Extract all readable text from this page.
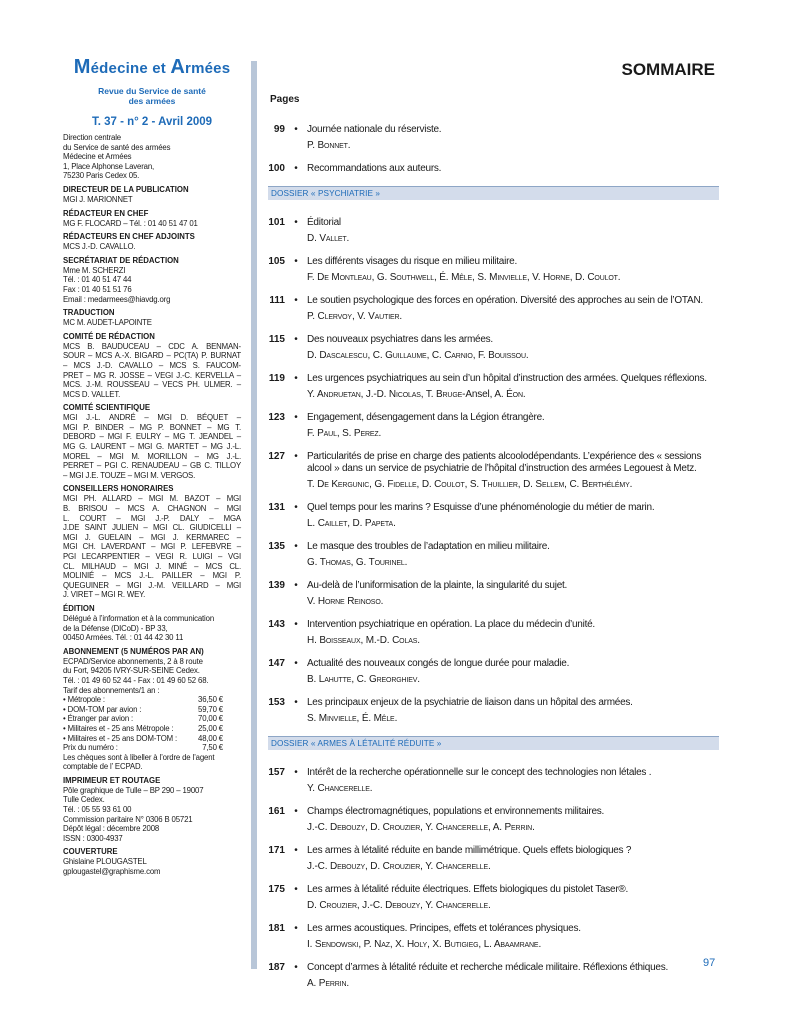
Médecine et Armées
Revue du Service de santé
des armées
T. 37 - n° 2 - Avril 2009
Direction centrale
du Service de santé des armées
Médecine et Armées
1, Place Alphonse Laveran,
75230 Paris Cedex 05.
DIRECTEUR DE LA PUBLICATION
MGI J. MARIONNET
RÉDACTEUR EN CHEF
MG F. FLOCARD – Tél. : 01 40 51 47 01
RÉDACTEURS EN CHEF ADJOINTS
MCS J.-D. CAVALLO.
SECRÉTARIAT DE RÉDACTION
Mme M. SCHERZI
Tél. : 01 40 51 47 44
Fax : 01 40 51 51 76
Email : medarmees@hiavdg.org
TRADUCTION
MC M. AUDET-LAPOINTE
COMITÉ DE RÉDACTION
MCS B. BAUDUCEAU – CDC A. BENMAN-
SOUR – MCS A.-X. BIGARD – PC(TA) P. BURNAT
– MCS J.-D. CAVALLO – MCS S. FAUCOM-
PRET – MG R. JOSSE – VEGI J.-C. KERVELLA –
MCS. J.-M. ROUSSEAU – VECS PH. ULMER. –
MCS D. VALLET.
COMITÉ SCIENTIFIQUE
MGI J.-L. ANDRÉ – MGI D. BÉQUET –
MGI P. BINDER – MG P. BONNET – MG T.
DEBORD – MGI F. EULRY – MG T. JEANDEL –
MG G. LAURENT – MGI G. MARTET – MG J.-L.
MOREL – MGI M. MORILLON – MG J.-L.
PERRET – PGI C. RENAUDEAU – GB C. TILLOY
– MGI J.E. TOUZE – MGI M. VERGOS.
CONSEILLERS HONORAIRES
MGI PH. ALLARD – MGI M. BAZOT – MGI
B. BRISOU – MCS A. CHAGNON – MGI
L. COURT – MGI J.-P. DALY – MGA
J.DE SAINT JULIEN – MGI CL. GIUDICELLI –
MGI J. GUELAIN – MGI J. KERMAREC –
MGI CH. LAVERDANT – MGI P. LEFEBVRE –
PGI LECARPENTIER – VEGI R. LUIGI – VGI
CL. MILHAUD – MGI J. MINÉ – MCS CL.
MOLINIÉ – MCS J.-L. PAILLER – MGI P.
QUEGUINER – MGI J.-M. VEILLARD – MGI
J. VIRET – MGI R. WEY.
ÉDITION
Délégué à l’information et à la communication
de la Défense (DICoD) - BP 33,
00450 Armées. Tél. : 01 44 42 30 11
ABONNEMENT (5 NUMÉROS PAR AN)
ECPAD/Service abonnements, 2 à 8 route
du Fort, 94205 IVRY-SUR-SEINE Cedex.
Tél. : 01 49 60 52 44 - Fax : 01 49 60 52 68.
Tarif des abonnements/1 an :
• Métropole :	36,50 €
• DOM-TOM par avion :	59,70 €
• Étranger par avion :	70,00 €
• Militaires et - 25 ans Métropole :	25,00 €
• Militaires et - 25 ans DOM-TOM :	48,00 €
Prix du numéro :	7,50 €
Les chèques sont à libeller à l’ordre de l’agent
comptable de l’ ECPAD.
IMPRIMEUR ET ROUTAGE
Pôle graphique de Tulle – BP 290 – 19007
Tulle Cedex.
Tél. : 05 55 93 61 00
Commission paritaire N° 0306 B 05721
Dépôt légal : décembre 2008
ISSN : 0300-4937
COUVERTURE
Ghislaine PLOUGASTEL
gplougastel@graphisme.com
SOMMAIRE
Pages
99 • Journée nationale du réserviste.
P. Bonnet.
100 • Recommandations aux auteurs.
DOSSIER « PSYCHIATRIE »
101 • Éditorial
D. Vallet.
105 • Les différents visages du risque en milieu militaire.
F. De Montleau, G. Southwell, É. Mêle, S. Minvielle, V. Horne, D. Coulot.
111 • Le soutien psychologique des forces en opération. Diversité des approches au sein de l’OTAN.
P. Clervoy, V. Vautier.
115 • Des nouveaux psychiatres dans les armées.
D. Dascalescu, C. Guillaume, C. Carnio, F. Bouissou.
119 • Les urgences psychiatriques au sein d’un hôpital d’instruction des armées. Quelques réflexions.
Y. Andruetan, J.-D. Nicolas, T. Bruge-Ansel, A. Éon.
123 • Engagement, désengagement dans la Légion étrangère.
F. Paul, S. Perez.
127 • Particularités de prise en charge des patients alcoolodépendants. L’expérience des « sessions alcool » dans un service de psychiatrie de l’hôpital d’instruction des armées Legouest à Metz.
T. De Kergunic, G. Fidelle, D. Coulot, S. Thuillier, D. Sellem, C. Berthélémy.
131 • Quel temps pour les marins ? Esquisse d’une phénoménologie du métier de marin.
L. Caillet, D. Papeta.
135 • Le masque des troubles de l’adaptation en milieu militaire.
G. Thomas, G. Tourinel.
139 • Au-delà de l’uniformisation de la plainte, la singularité du sujet.
V. Horne Reinoso.
143 • Intervention psychiatrique en opération. La place du médecin d’unité.
H. Boisseaux, M.-D. Colas.
147 • Actualité des nouveaux congés de longue durée pour maladie.
B. Lahutte, C. Greorghiev.
153 • Les principaux enjeux de la psychiatrie de liaison dans un hôpital des armées.
S. Minvielle, É. Mêle.
DOSSIER « ARMES À LÉTALITÉ RÉDUITE »
157 • Intérêt de la recherche opérationnelle sur le concept des technologies non létales .
Y. Chancerelle.
161 • Champs électromagnétiques, populations et environnements militaires.
J.-C. Debouzy, D. Crouzier, Y. Chancerelle, A. Perrin.
171 • Les armes à létalité réduite en bande millimétrique. Quels effets biologiques ?
J.-C. Debouzy, D. Crouzier, Y. Chancerelle.
175 • Les armes à létalité réduite électriques. Effets biologiques du pistolet Taser®.
D. Crouzier, J.-C. Debouzy, Y. Chancerelle.
181 • Les armes acoustiques. Principes, effets et tolérances physiques.
I. Sendowski, P. Naz, X. Holy, X. Butigieg, L. Abaamrane.
187 • Concept d’armes à létalité réduite et recherche médicale militaire. Réflexions éthiques.
A. Perrin.
97
